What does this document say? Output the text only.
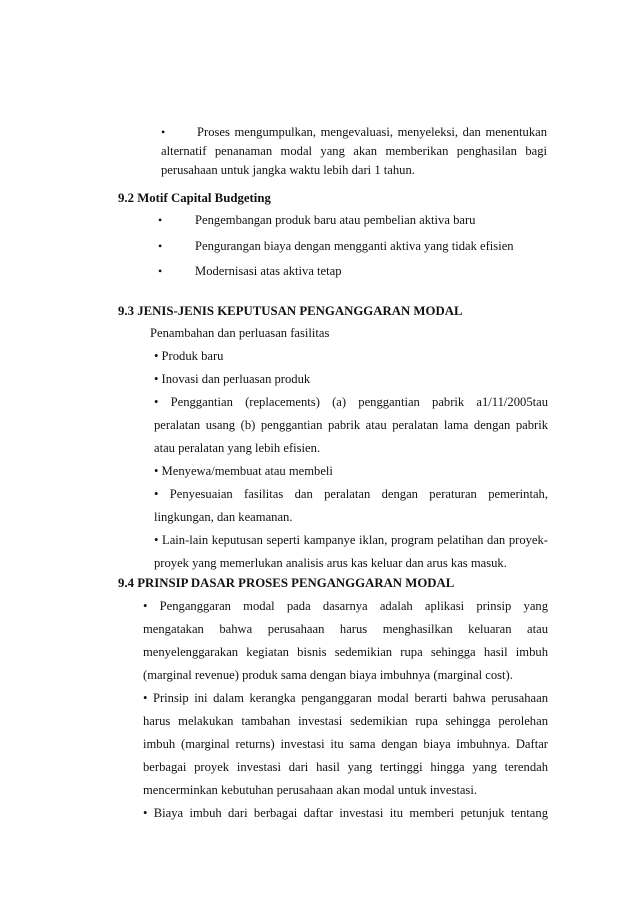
•	Proses mengumpulkan, mengevaluasi, menyeleksi, dan menentukan
alternatif penanaman modal yang akan memberikan penghasilan bagi
perusahaan untuk jangka waktu lebih dari 1 tahun.
9.2 Motif Capital Budgeting
•	Pengembangan produk baru atau pembelian aktiva baru
•	Pengurangan biaya dengan mengganti aktiva yang tidak efisien
•	Modernisasi atas aktiva tetap
9.3 JENIS-JENIS KEPUTUSAN PENGANGGARAN MODAL
Penambahan dan perluasan fasilitas
• Produk baru
• Inovasi dan perluasan produk
• Penggantian (replacements) (a) penggantian pabrik a1/11/2005tau
peralatan usang (b) penggantian pabrik atau peralatan lama dengan pabrik
atau peralatan yang lebih efisien.
• Menyewa/membuat atau membeli
• Penyesuaian fasilitas dan peralatan dengan peraturan pemerintah,
lingkungan, dan keamanan.
• Lain-lain keputusan seperti kampanye iklan, program pelatihan dan proyek-
proyek yang memerlukan analisis arus kas keluar dan arus kas masuk.
9.4 PRINSIP DASAR PROSES PENGANGGARAN MODAL
• Penganggaran modal pada dasarnya adalah aplikasi prinsip yang
mengatakan bahwa perusahaan harus menghasilkan keluaran atau
menyelenggarakan kegiatan bisnis sedemikian rupa sehingga hasil imbuh
(marginal revenue) produk sama dengan biaya imbuhnya (marginal cost).
• Prinsip ini dalam kerangka penganggaran modal berarti bahwa perusahaan
harus melakukan tambahan investasi sedemikian rupa sehingga perolehan
imbuh (marginal returns) investasi itu sama dengan biaya imbuhnya. Daftar
berbagai proyek investasi dari hasil yang tertinggi hingga yang terendah
mencerminkan kebutuhan perusahaan akan modal untuk investasi.
• Biaya imbuh dari berbagai daftar investasi itu memberi petunjuk tentang
